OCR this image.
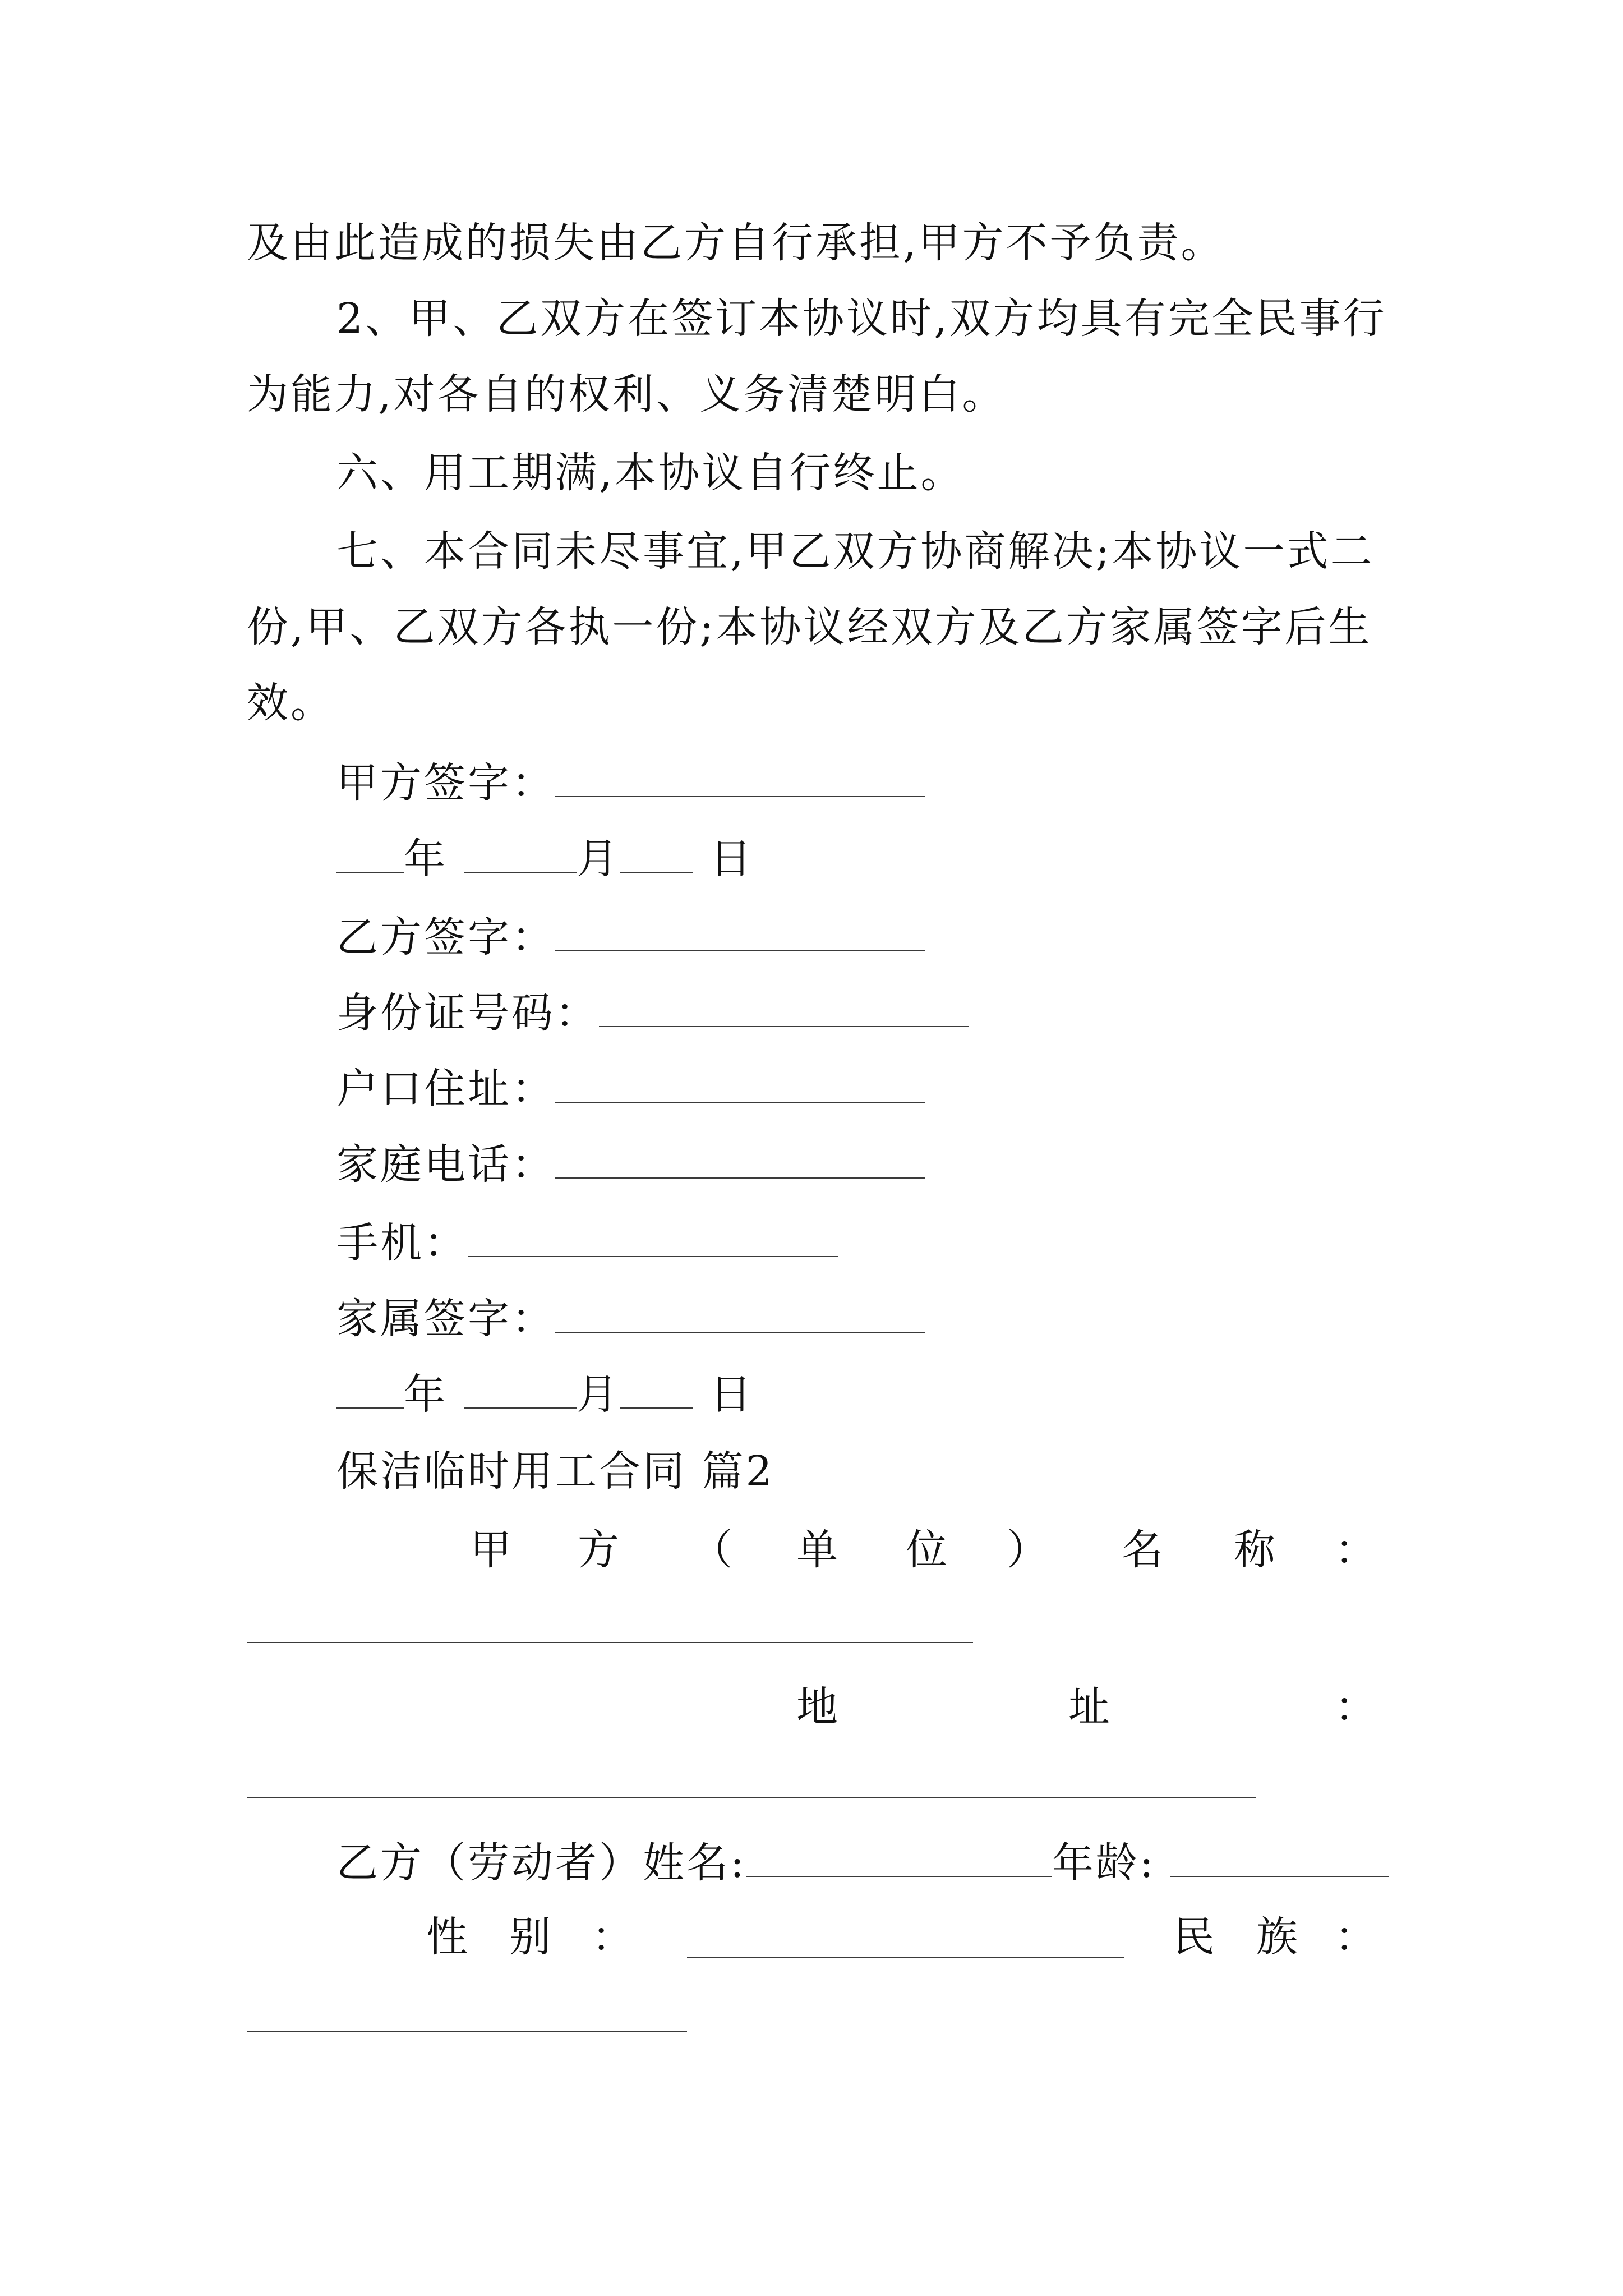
及由此造成的损失由乙方自行承担,甲方不予负责。
2、甲、乙双方在签订本协议时,双方均具有完全民事行
为能力,对各自的权利、义务清楚明白。
六、用工期满,本协议自行终止。
七、本合同未尽事宜,甲乙双方协商解决;本协议一式二
份,甲、乙双方各执一份;本协议经双方及乙方家属签字后生
效。
甲方签字：
年	月 日
乙方签字：
身份证号码：
户口住址：
家庭电话：
手机：
家属签字：
年	月 日
保洁临时用工合同 篇2
甲 方 （ 单 位 ） 名 称 ：
地	址	：
乙方（劳动者）姓名:	年龄:
性 别 ：	民 族 ：
